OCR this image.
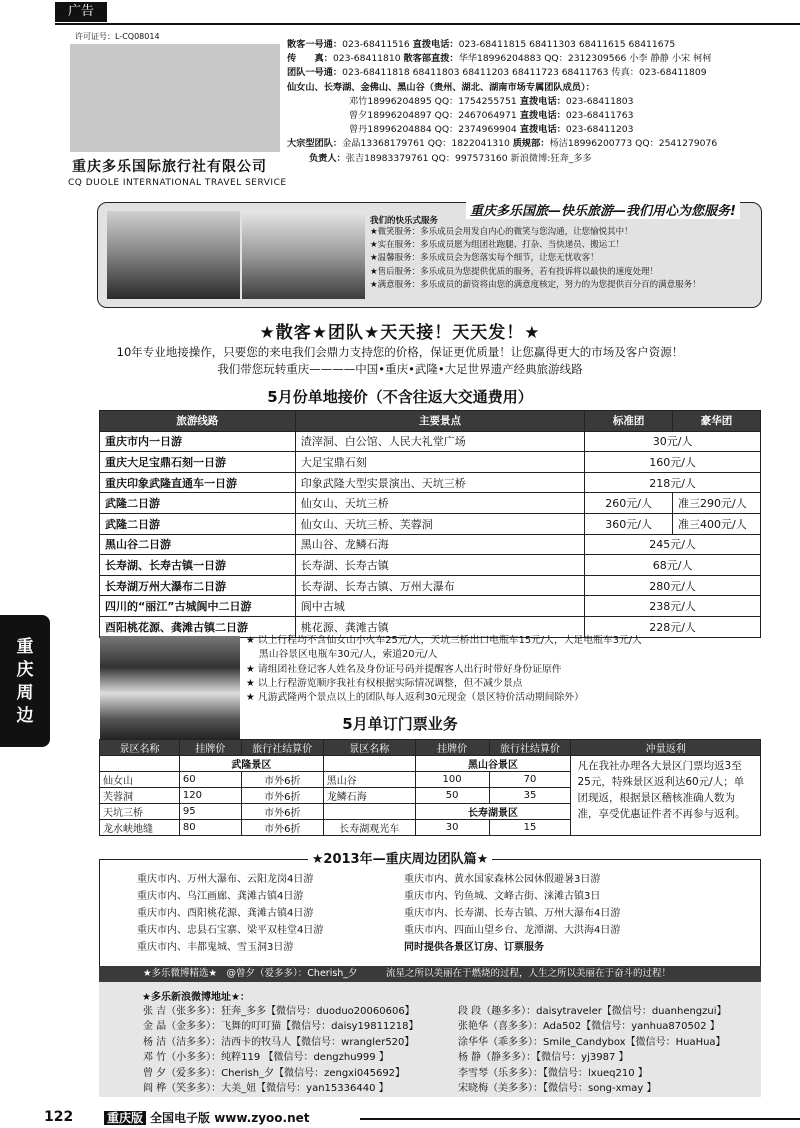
广告
许可证号：L-CQ08014
重庆多乐国际旅行社有限公司
CQ DUOLE INTERNATIONAL TRAVEL SERVICE
散客一号通：023-68411516 直拨电话：023-68411815 68411303 68411615 68411675
传　　真：023-68411810 散客部直拨：华华18996204883 QQ：2312309566 小李 静静 小宋 柯柯
团队一号通：023-68411818 68411803 68411203 68411723 68411763 传真：023-68411809
仙女山、长寿湖、金佛山、黑山谷（贵州、湖北、湖南市场专属团队成员）：
邓竹18996204895 QQ：1754255751 直拨电话：023-68411803
曾夕18996204897 QQ：2467064971 直拨电话：023-68411763
曾丹18996204884 QQ：2374969904 直拨电话：023-68411203
大宗型团队：金晶13368179761 QQ：1822041310 质规部：杨洁18996200773 QQ：2541279076
负责人：张吉18983379761 QQ：997573160 新浪微博:狂奔_多多
重庆多乐国旅—快乐旅游—我们用心为您服务!
我们的快乐式服务
★微笑服务：多乐成员会用发自内心的微笑与您沟通，让您愉悦其中！
★实在服务：多乐成员愿为组团社跑腿、打杂、当快递员、搬运工！
★温馨服务：多乐成员会为您落实每个细节，让您无忧收客！
★售后服务：多乐成员为您提供优质的服务，若有投诉将以最快的速度处理！
★满意服务：多乐成员的薪资将由您的满意度核定，努力的为您提供百分百的满意服务！
★散客★团队★天天接！天天发！★
10年专业地接操作，只要您的来电我们会鼎力支持您的价格，保证更优质量！让您赢得更大的市场及客户资源！
我们带您玩转重庆————中国•重庆•武隆•大足世界遗产经典旅游线路
5月份单地接价（不含往返大交通费用）
旅游线路	主要景点	标准团	豪华团
重庆市内一日游	渣滓洞、白公馆、人民大礼堂广场	30元/人	
重庆大足宝鼎石刻一日游	大足宝鼎石刻	160元/人	
重庆印象武隆直通车一日游	印象武隆大型实景演出、天坑三桥	218元/人	
武隆二日游	仙女山、天坑三桥	260元/人	准三290元/人
武隆二日游	仙女山、天坑三桥、芙蓉洞	360元/人	准三400元/人
黑山谷二日游	黑山谷、龙鳞石海	245元/人	
长寿湖、长寿古镇一日游	长寿湖、长寿古镇	68元/人	
长寿湖万州大瀑布二日游	长寿湖、长寿古镇、万州大瀑布	280元/人	
四川的“丽江”古城阆中二日游	阆中古城	238元/人	
酉阳桃花源、龚滩古镇二日游	桃花源、龚滩古镇	228元/人	
★ 以上行程均不含仙女山小火车25元/人，天坑三桥出口电瓶车15元/人，大足电瓶车3元/人
　 黑山谷景区电瓶车30元/人，索道20元/人
★ 请组团社登记客人姓名及身份证号码并提醒客人出行时带好身份证原件
★ 以上行程游览顺序我社有权根据实际情况调整，但不减少景点
★ 凡游武隆两个景点以上的团队每人返利30元现金（景区特价活动期间除外）
5月单订门票业务
景区名称	挂牌价	旅行社结算价	景区名称	挂牌价	旅行社结算价	冲量返利
	武隆景区			黑山谷景区		凡在我社办理各大景区门票均返3至25元，特殊景区返利达60元/人；单团现返，根据景区稽核准确人数为准，享受优惠证件者不再参与返利。
仙女山	60	市外6折	黑山谷	100	70	
芙蓉洞	120	市外6折	龙鳞石海	50	35	
天坑三桥	95	市外6折		长寿湖景区		
龙水峡地缝	80	市外6折	长寿湖观光车	30	15	
★2013年—重庆周边团队篇★
重庆市内、万州大瀑布、云阳龙岗4日游
重庆市内、乌江画廊、龚滩古镇4日游
重庆市内、酉阳桃花源、龚滩古镇4日游
重庆市内、忠县石宝寨、梁平双桂堂4日游
重庆市内、丰都鬼城、雪玉洞3日游
重庆市内、黄水国家森林公园休假避暑3日游
重庆市内、钓鱼城、文峰古街、涞滩古镇3日
重庆市内、长寿湖、长寿古镇、万州大瀑布4日游
重庆市内、四面山望乡台、龙潭湖、大洪海4日游
同时提供各景区订房、订票服务
★多乐微博精选★　@曾夕（爱多多）：Cherish_夕　　　流星之所以美丽在于燃烧的过程，人生之所以美丽在于奋斗的过程！
★多乐新浪微博地址★：
张 吉（张多多）：狂奔_多多【微信号：duoduo20060606】
金 晶（金多多）：飞舞的叮叮猫【微信号：daisy19811218】
杨 洁（洁多多）：洁西卡的牧马人【微信号：wrangler520】
邓 竹（小多多）：纯粹119 【微信号：dengzhu999 】
曾 夕（爱多多）：Cherish_夕【微信号：zengxi045692】
阎 桦（笑多多）：大美_妞【微信号：yan15336440 】
段 段（趣多多）：daisytraveler【微信号：duanhengzui】
张艳华（喜多多）：Ada502【微信号：yanhua870502 】
涂华华（乖多多）：Smile_Candybox【微信号：HuaHua】
杨 静（静多多）：【微信号：yj3987 】
李雪琴（乐多多）：【微信号：lxueq210 】
宋晓梅（美多多）：【微信号：song-xmay 】
重
庆
周
边
122	重庆版 全国电子版 www.zyoo.net
